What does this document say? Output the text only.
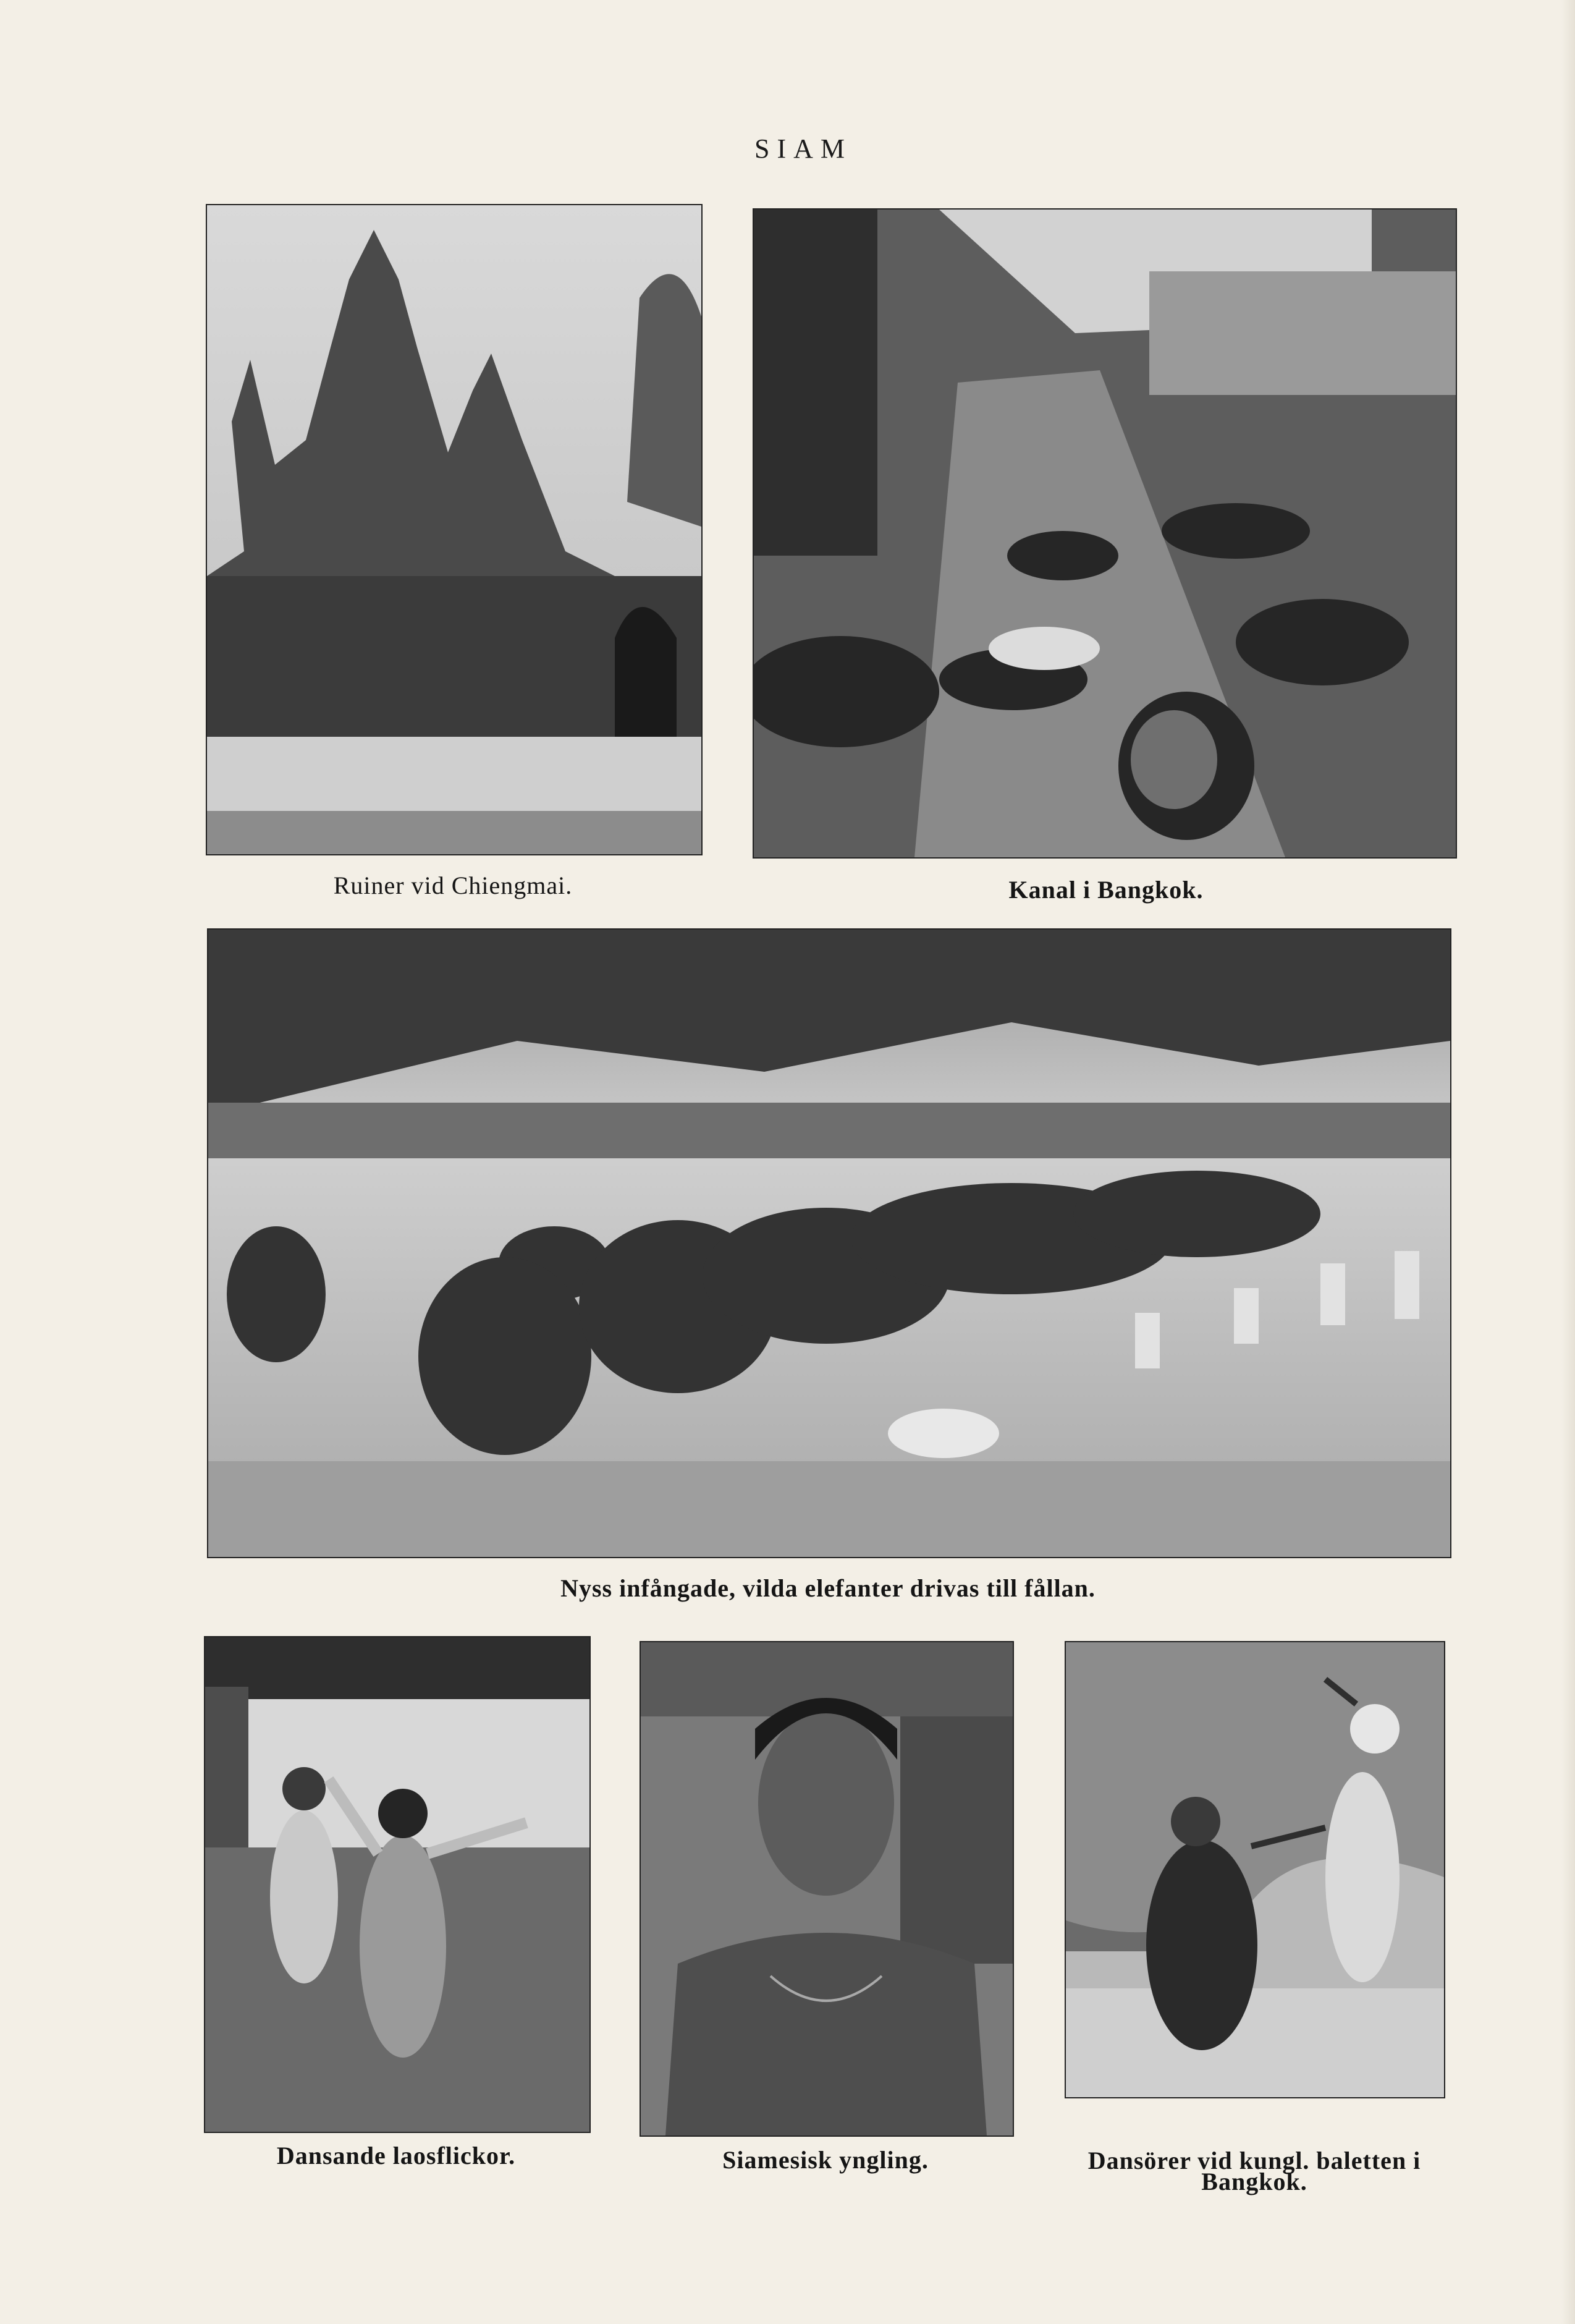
SIAM
Ruiner vid Chiengmai.	Kanal i Bangkok.
Nyss infångade, vilda elefanter drivas till fållan.
Dansande laosflickor.	Siamesisk yngling.	Dansörer vid kungl. baletten i
Bangkok.
